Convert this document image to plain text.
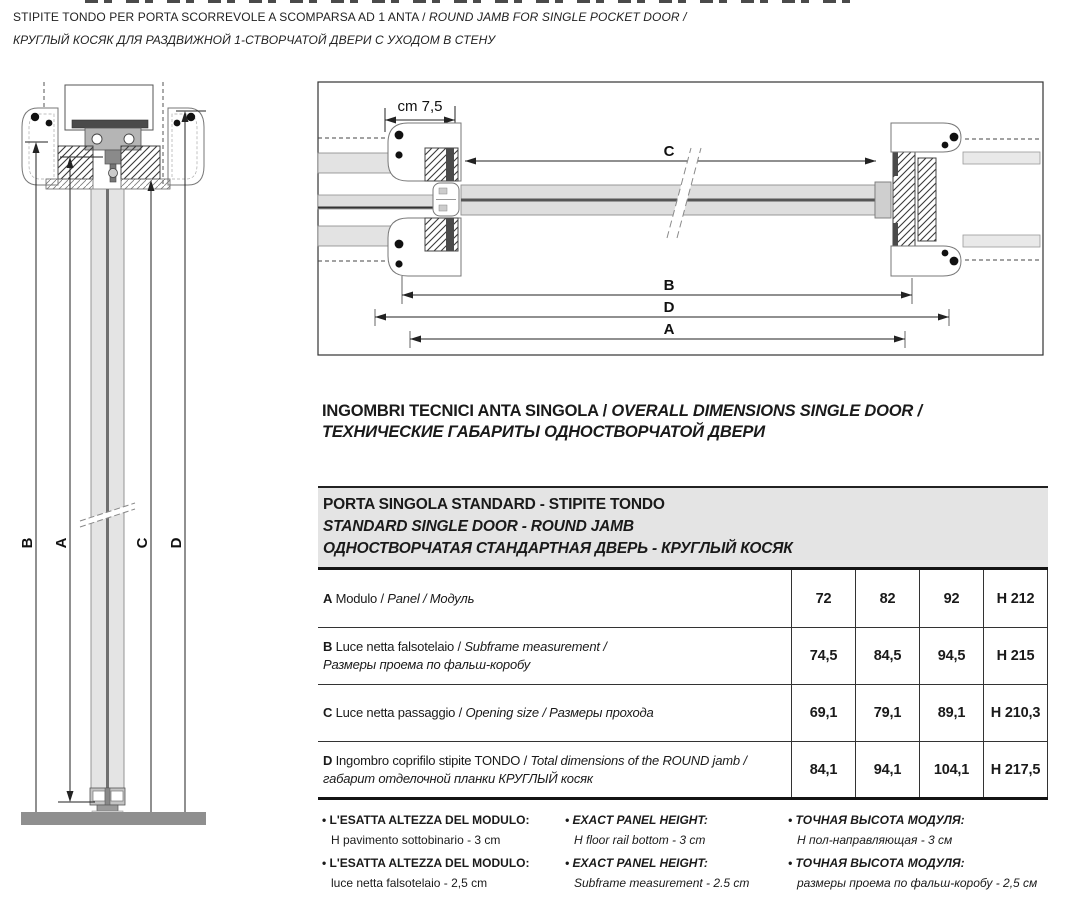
STIPITE TONDO PER PORTA SCORREVOLE A SCOMPARSA AD 1 ANTA / ROUND JAMB FOR SINGLE POCKET DOOR /
КРУГЛЫЙ КОСЯК ДЛЯ РАЗДВИЖНОЙ 1-СТВОРЧАТОЙ ДВЕРИ С УХОДОМ В СТЕНУ
B A	C D
cm 7,5
C
B
D
A
INGOMBRI TECNICI ANTA SINGOLA / OVERALL DIMENSIONS SINGLE DOOR /
ТЕХНИЧЕСКИЕ ГАБАРИТЫ ОДНОСТВОРЧАТОЙ ДВЕРИ
PORTA SINGOLA STANDARD - STIPITE TONDO
STANDARD SINGLE DOOR - ROUND JAMB
ОДНОСТВОРЧАТАЯ СТАНДАРТНАЯ ДВЕРЬ - КРУГЛЫЙ КОСЯК
A Modulo / Panel / Модуль	72	82	92	H 212
B Luce netta falsotelaio / Subframe measurement /
Размеры проема по фальш-коробу
74,5	84,5	94,5	H 215
C Luce netta passaggio / Opening size / Размеры прохода	69,1	79,1	89,1	H 210,3
D Ingombro coprifilo stipite TONDO / Total dimensions of the ROUND jamb /
габарит отделочной планки КРУГЛЫЙ косяк
84,1	94,1	104,1	H 217,5
• L'ESATTA ALTEZZA DEL MODULO:
H pavimento sottobinario - 3 cm
• L'ESATTA ALTEZZA DEL MODULO:
luce netta falsotelaio - 2,5 cm
• EXACT PANEL HEIGHT:
H floor rail bottom - 3 cm
• EXACT PANEL HEIGHT:
Subframe measurement - 2.5 cm
• ТОЧНАЯ ВЫСОТА МОДУЛЯ:
Н пол-направляющая - 3 см
• ТОЧНАЯ ВЫСОТА МОДУЛЯ:
размеры проема по фальш-коробу - 2,5 см
